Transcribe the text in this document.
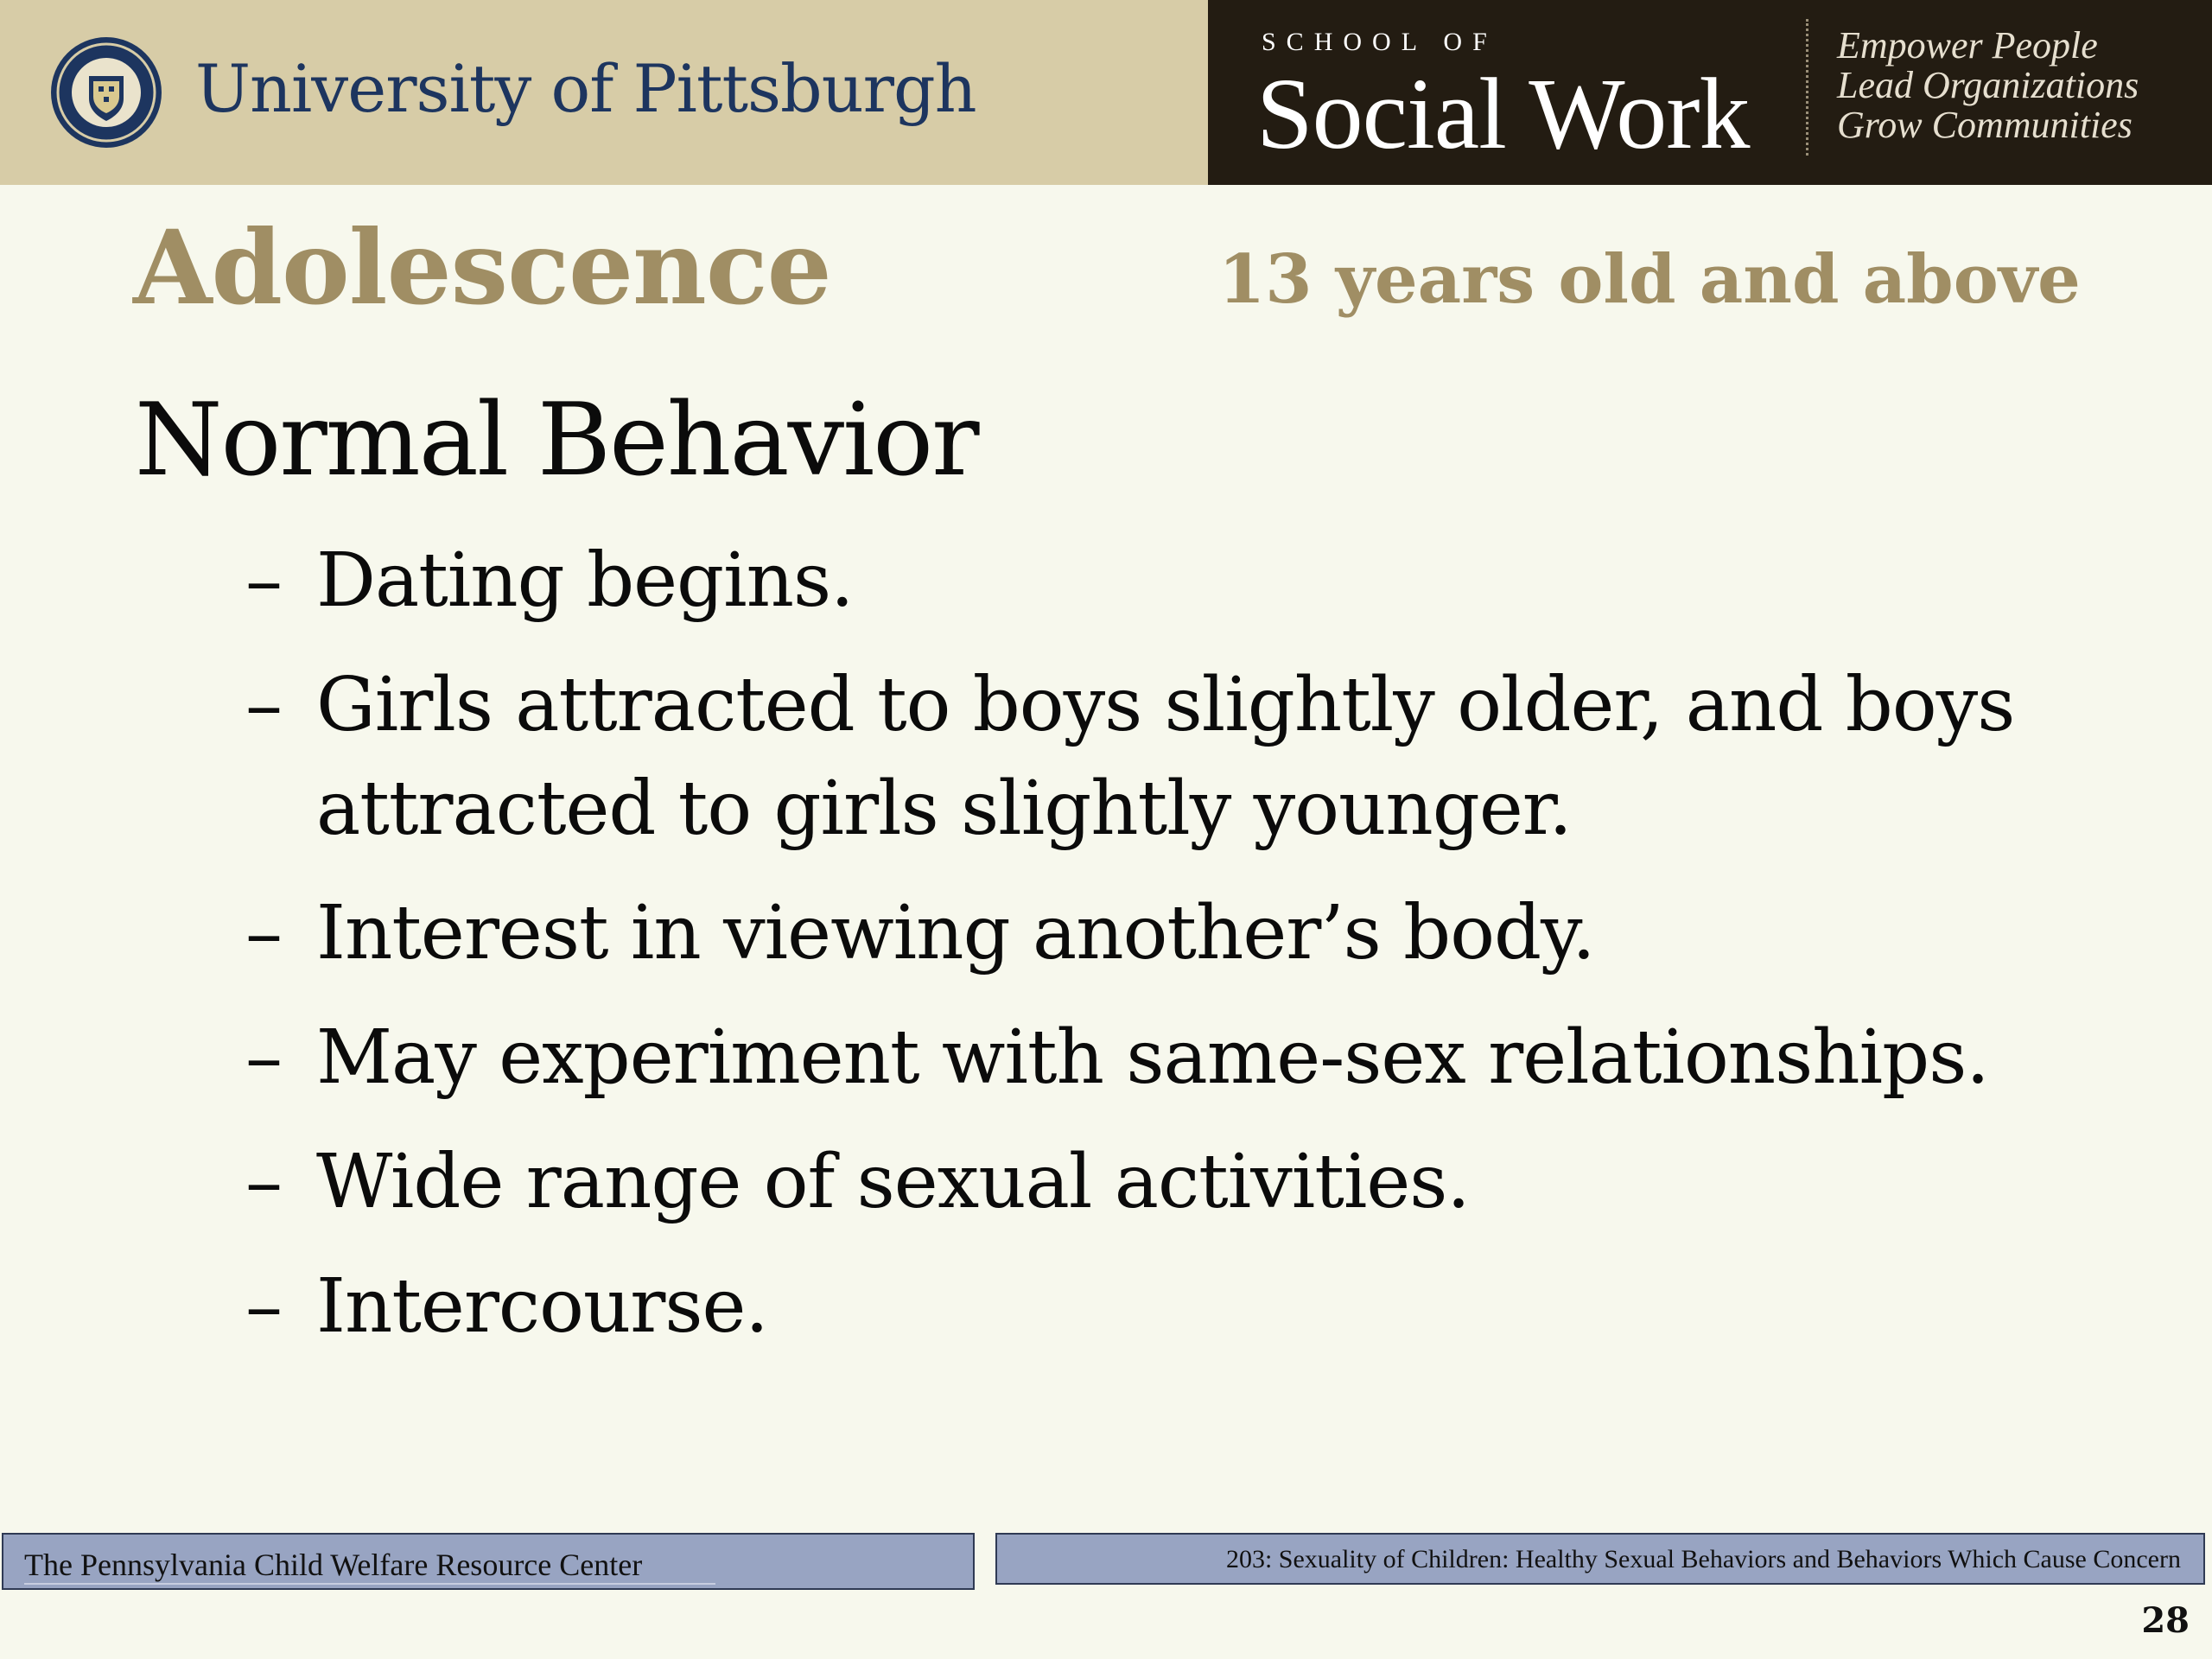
University of Pittsburgh
SCHOOL OF
Social Work
Empower People
Lead Organizations
Grow Communities
Adolescence	13 years old and above
Normal Behavior
– Dating begins.
– Girls attracted to boys slightly older, and boys attracted to girls slightly younger.
– Interest in viewing another’s body.
– May experiment with same-sex relationships.
– Wide range of sexual activities.
– Intercourse.
The Pennsylvania Child Welfare Resource Center	203: Sexuality of Children: Healthy Sexual Behaviors and Behaviors Which Cause Concern
28
